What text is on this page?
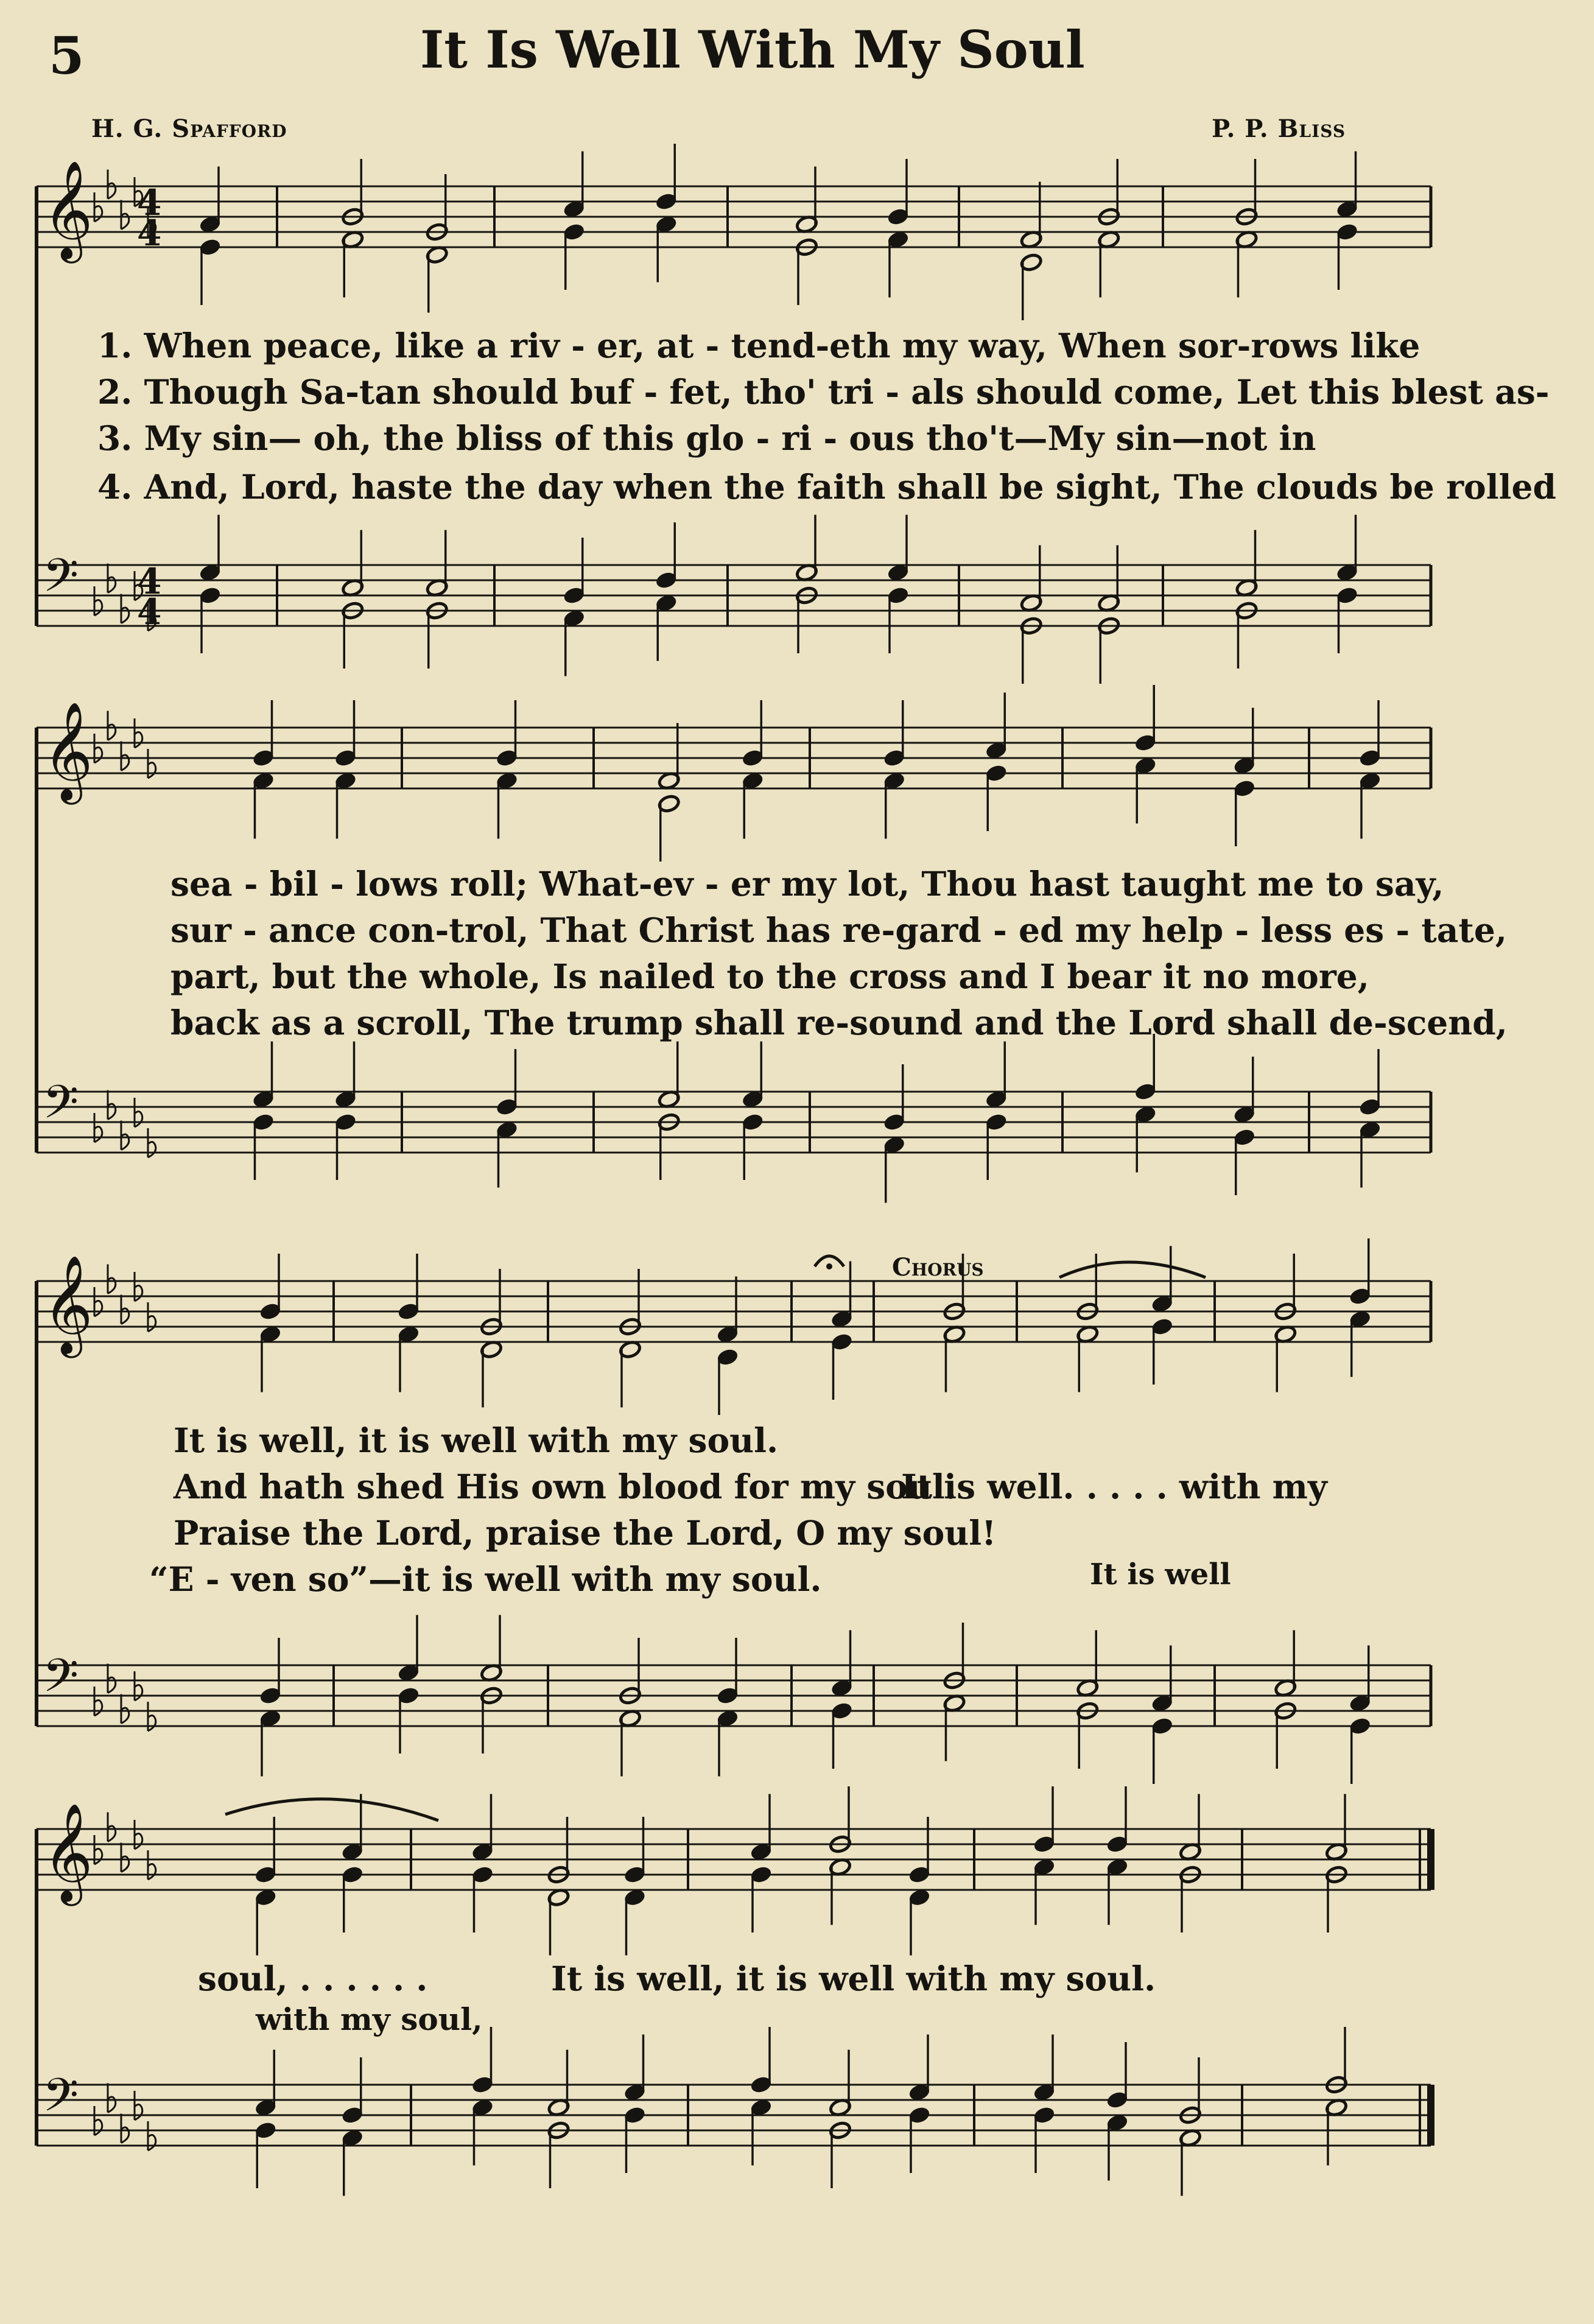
𝄞
𝄢
4
4
4
4
𝄞
𝄢
𝄞
𝄢
𝄞
𝄢
5	It Is Well With My Soul
H. G. Spafford	P. P. Bliss
1. When peace, like a riv - er, at - tend-eth my way, When sor-rows like
2. Though Sa-tan should buf - fet, tho' tri - als should come, Let this blest as-
3. My sin— oh, the bliss of this glo - ri - ous tho't—My sin—not in
4. And, Lord, haste the day when the faith shall be sight, The clouds be rolled
sea - bil - lows roll; What-ev - er my lot, Thou hast taught me to say,
sur - ance con-trol, That Christ has re-gard - ed my help - less es - tate,
part, but the whole, Is nailed to the cross and I bear it no more,
back as a scroll, The trump shall re-sound and the Lord shall de-scend,
Chorus
It is well, it is well with my soul.
And hath shed His own blood for my soul.
Praise the Lord, praise the Lord, O my soul!
“E - ven so”—it is well with my soul.
It is well. . . . . with my
It is well
soul, . . . . . .	It is well, it is well with my soul.
with my soul,
